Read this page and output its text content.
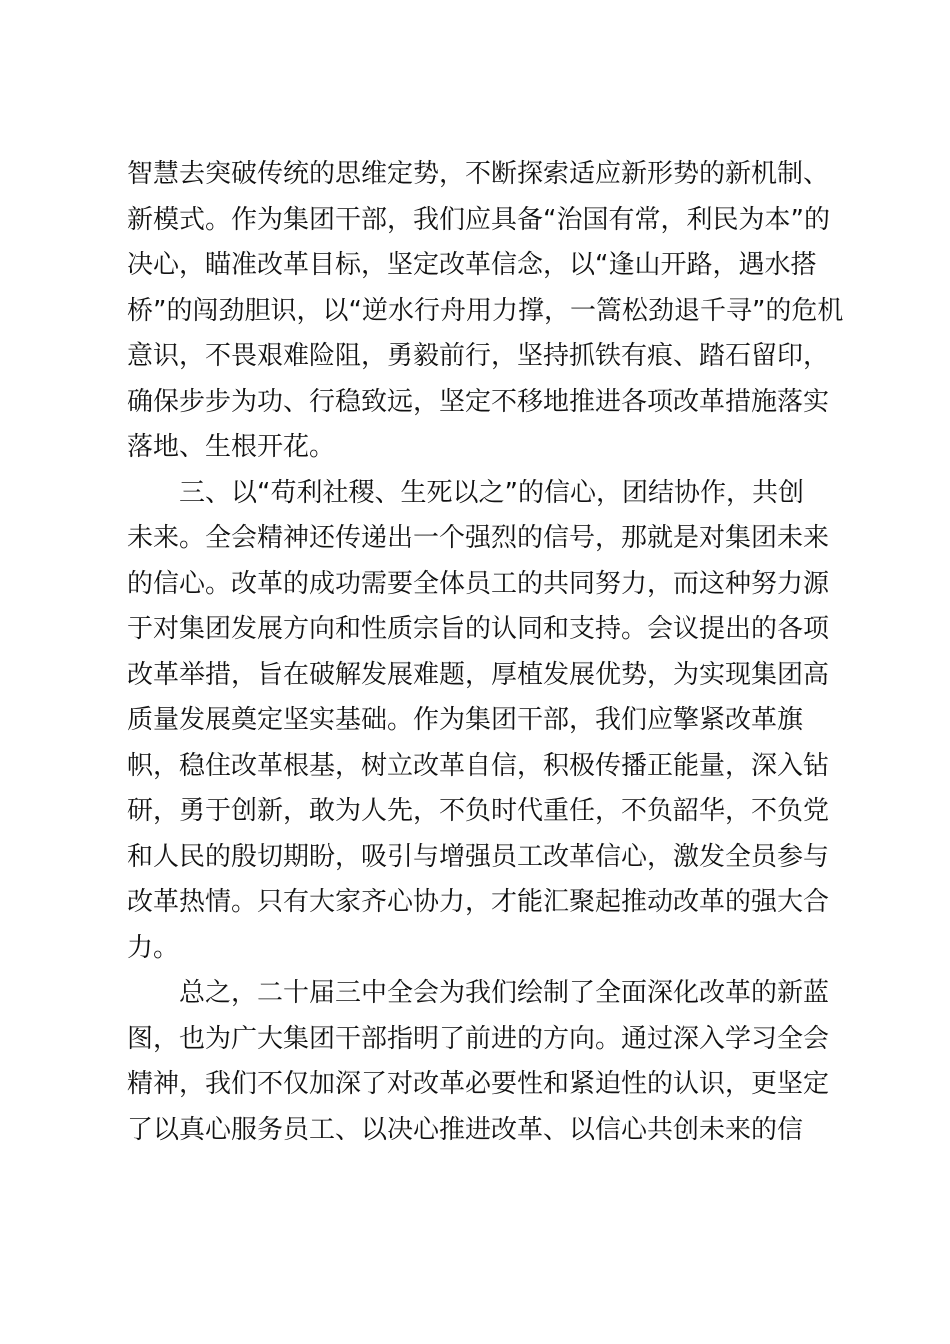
智慧去突破传统的思维定势，不断探索适应新形势的新机制、
新模式。作为集团干部，我们应具备“治国有常，利民为本”的
决心，瞄准改革目标，坚定改革信念，以“逢山开路，遇水搭
桥”的闯劲胆识，以“逆水行舟用力撑，一篙松劲退千寻”的危机
意识，不畏艰难险阻，勇毅前行，坚持抓铁有痕、踏石留印，
确保步步为功、行稳致远，坚定不移地推进各项改革措施落实
落地、生根开花。
三、以“苟利社稷、生死以之”的信心，团结协作，共创
未来。全会精神还传递出一个强烈的信号，那就是对集团未来
的信心。改革的成功需要全体员工的共同努力，而这种努力源
于对集团发展方向和性质宗旨的认同和支持。会议提出的各项
改革举措，旨在破解发展难题，厚植发展优势，为实现集团高
质量发展奠定坚实基础。作为集团干部，我们应擎紧改革旗
帜，稳住改革根基，树立改革自信，积极传播正能量，深入钻
研，勇于创新，敢为人先，不负时代重任，不负韶华，不负党
和人民的殷切期盼，吸引与增强员工改革信心，激发全员参与
改革热情。只有大家齐心协力，才能汇聚起推动改革的强大合
力。
总之，二十届三中全会为我们绘制了全面深化改革的新蓝
图，也为广大集团干部指明了前进的方向。通过深入学习全会
精神，我们不仅加深了对改革必要性和紧迫性的认识，更坚定
了以真心服务员工、以决心推进改革、以信心共创未来的信
